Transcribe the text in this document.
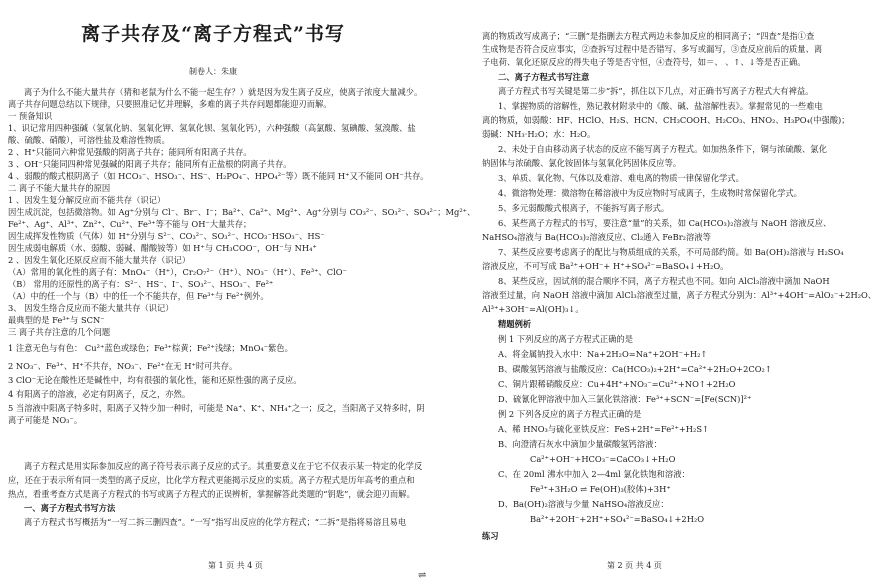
离子共存及“离子方程式”书写
制卷人：朱康
离子为什么不能大量共存（猜和老鼠为什么不能一起生存？）就是因为发生离子反应，使离子浓度大量减少。
离子共存问题总结以下规律，只要照准记忆并理解，多难的离子共存问题都能迎刃而解。
一 预备知识
1、识记常用四种强碱（氢氧化钠、氢氧化钾、氢氧化钡、氢氧化钙），六种强酸（高氯酸、氢碘酸、氢溴酸、盐
酸、硫酸、硝酸），可溶性盐及难溶性物质。
2 、H⁺只能同六种常见强酸的阴离子共存；能同所有阳离子共存。
3 、OH⁻只能同四种常见强碱的阳离子共存；能同所有正盐根的阴离子共存。
4 、弱酸的酸式根阴离子（如 HCO₃⁻、HSO₃⁻、HS⁻、H₂PO₄⁻、HPO₄²⁻等）既不能同 H⁺又不能同 OH⁻共存。
二 离子不能大量共存的原因
1 、因发生复分解反应而不能共存（识记）
因生成沉淀，包括微溶物。如 Ag⁺分别与 Cl⁻、Br⁻、I⁻；Ba²⁺、Ca²⁺、Mg²⁺、Ag⁺分别与 CO₃²⁻、SO₃²⁻、SO₄²⁻；Mg²⁺、
Fe²⁺、Ag⁺、Al³⁺、Zn²⁺、Cu²⁺、Fe³⁺等不能与 OH⁻大量共存；
因生成挥发性物质（气体）如 H⁺分别与 S²⁻、CO₃²⁻、SO₃²⁻、HCO₃⁻HSO₃⁻、HS⁻
因生成弱电解质（水、弱酸、弱碱、醋酸铵等）如 H⁺与 CH₃COO⁻，OH⁻与 NH₄⁺
2 、因发生氧化还原反应而不能大量共存（识记）
（A）常用的氧化性的离子有：MnO₄⁻（H⁺），Cr₂O₇²⁻（H⁺）、NO₃⁻（H⁺）、Fe³⁺、ClO⁻
（B） 常用的还原性的离子有：S²⁻、HS⁻、I⁻、SO₃²⁻、HSO₃⁻、Fe²⁺
（A）中的任一个与（B）中的任一个不能共存，但 Fe³⁺与 Fe²⁺例外。
3、 因发生络合反应而不能大量共存（识记）
最典型的是 Fe³⁺与 SCN⁻
三 离子共存注意的几个问题
1 注意无色与有色： Cu²⁺蓝色或绿色；Fe³⁺棕黄；Fe²⁺浅绿；MnO₄⁻紫色。
2 NO₃⁻、Fe³⁺、H⁺不共存，NO₃⁻、Fe²⁺在无 H⁺时可共存。
3 ClO⁻无论在酸性还是碱性中，均有很强的氧化性，能和还原性强的离子反应。
4 有阳离子的溶液，必定有阴离子，反之，亦然。
5 当溶液中阳离子特多时，阳离子又特少加一种时，可能是 Na⁺、K⁺、NH₄⁺之一；反之，当阳离子又特多时，阴
离子可能是 NO₃⁻。
离子方程式是用实际参加反应的离子符号表示离子反应的式子。其重要意义在于它不仅表示某一特定的化学反
应，还在于表示所有同一类型的离子反应，比化学方程式更能揭示反应的实质。离子方程式是历年高考的重点和
热点，看重考查方式是离子方程式的书写或离子方程式的正误辨析，掌握解答此类题的“钥匙”，就会迎刃而解。
一、离子方程式书写方法
离子方程式书写概括为“一写二拆三删四查”。“一写”指写出反应的化学方程式；“二拆”是指将易溶且易电
第 1 页 共 4 页
离的物质改写成离子；“三删”是指删去方程式两边未参加反应的相同离子；“四查”是指①查
生成物是否符合反应事实，②查拆写过程中是否错写、多写或漏写，③查反应前后的质量、离
子电荷、氧化还原反应的得失电子等是否守恒，④查符号，如＝、 、↑、↓等是否正确。
二、离子方程式书写注意
离子方程式书写关键是第二步“拆”，抓住以下几点，对正确书写离子方程式大有裨益。
1、掌握物质的溶解性，熟记教材附录中的《酸、碱、盐溶解性表》。掌握常见的一些难电
离的物质，如弱酸：HF、HClO、H₂S、HCN、CH₃COOH、H₂CO₃、HNO₂、H₃PO₄(中强酸)；
弱碱：NH₃·H₂O；水：H₂O。
2、未处于自由移动离子状态的反应不能写离子方程式。如加热条件下，铜与浓硫酸、氯化
钠固体与浓硫酸、氯化铵固体与氢氧化钙固体反应等。
3、单质、氧化物、气体以及难溶、难电离的物质一律保留化学式。
4、微溶物处理：微溶物在稀溶液中为反应物时写成离子，生成物时常保留化学式。
5、多元弱酸酸式根离子，不能拆写离子形式。
6、某些离子方程式的书写，要注意“量”的关系，如 Ca(HCO₃)₂溶液与 NaOH 溶液反应、
NaHSO₄溶液与 Ba(HCO₃)₂溶液反应、Cl₂通入 FeBr₂溶液等
7、某些反应要考虑离子的配比与物质组成的关系，不可局部约简。如 Ba(OH)₂溶液与 H₂SO₄
溶液反应，不可写成 Ba²⁺+OH⁻+ H⁺+SO₄²⁻=BaSO₄↓+H₂O。
8、某些反应，因试剂的混合顺序不同，离子方程式也不同。如向 AlCl₃溶液中滴加 NaOH
溶液至过量，向 NaOH 溶液中滴加 AlCl₃溶液至过量，离子方程式分别为：Al³⁺+4OH⁻=AlO₂⁻+2H₂O、
Al³⁺+3OH⁻=Al(OH)₃↓。
精题例析
例 1 下列反应的离子方程式正确的是
A、将金属钠投入水中：Na+2H₂O=Na⁺+2OH⁻+H₂↑
B、碳酸氢钙溶液与盐酸反应：Ca(HCO₃)₂+2H⁺=Ca²⁺+2H₂O+2CO₂↑
C、铜片跟稀硝酸反应：Cu+4H⁺+NO₃⁻=Cu²⁺+NO↑+2H₂O
D、硫氰化钾溶液中加入三氯化铁溶液：Fe³⁺+SCN⁻=[Fe(SCN)]²⁺
例 2 下列各反应的离子方程式正确的是
A、稀 HNO₃与硫化亚铁反应：FeS+2H⁺=Fe²⁺+H₂S↑
B、向澄清石灰水中滴加少量碳酸氢钙溶液：
Ca²⁺+OH⁻+HCO₃⁻=CaCO₃↓+H₂O
C、在 20ml 沸水中加入 2—4ml 氯化铁饱和溶液：
Fe³⁺+3H₂O ⇌ Fe(OH)₃(胶体)+3H⁺
D、Ba(OH)₂溶液与少量 NaHSO₄溶液反应：
Ba²⁺+2OH⁻+2H⁺+SO₄²⁻=BaSO₄↓+2H₂O
练习
第 2 页 共 4 页
⇌
